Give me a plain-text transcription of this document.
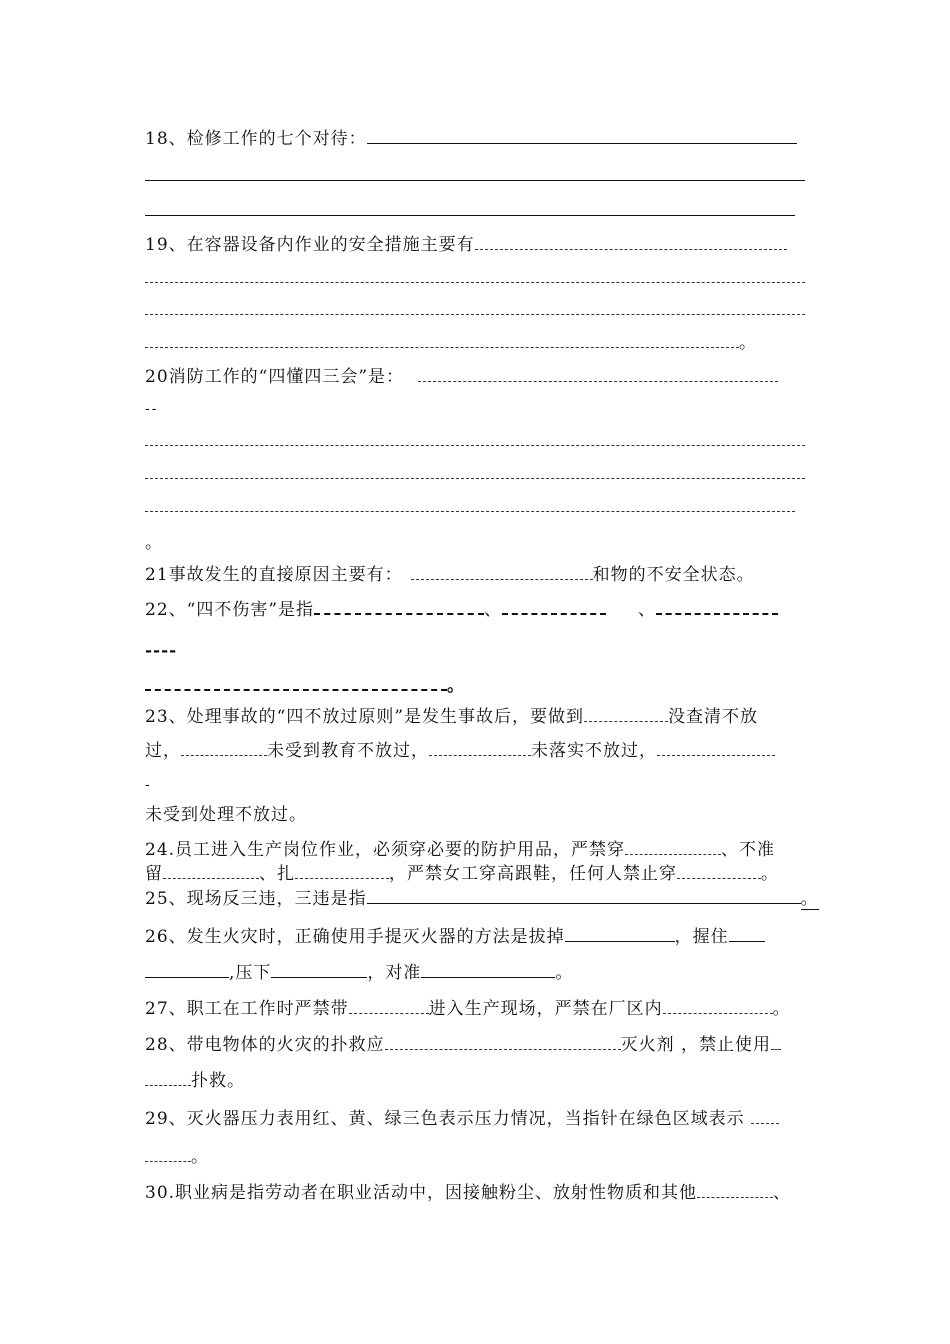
18、检修工作的七个对待：
19、在容器设备内作业的安全措施主要有
。
20消防工作的“四懂四三会”是：
--
。
21事故发生的直接原因主要有：	和物的不安全状态。
22、“四不伤害”是指	、	、
----
。
23、处理事故的“四不放过原则”是发生事故后，要做到	没查清不放
过，	未受到教育不放过，	未落实不放过，
-
未受到处理不放过。
24.员工进入生产岗位作业，必须穿必要的防护用品，严禁穿	、不准
留	、扎	，严禁女工穿高跟鞋，任何人禁止穿	。
25、现场反三违，三违是指	。
26、发生火灾时，正确使用手提灭火器的方法是拔掉	，握住
,压下	，对准	。
27、职工在工作时严禁带	进入生产现场，严禁在厂区内	。
28、带电物体的火灾的扑救应	灭火剂 ，禁止使用
扑救。
29、灭火器压力表用红、黄、绿三色表示压力情况，当指针在绿色区域表示
。
30.职业病是指劳动者在职业活动中，因接触粉尘、放射性物质和其他	、
